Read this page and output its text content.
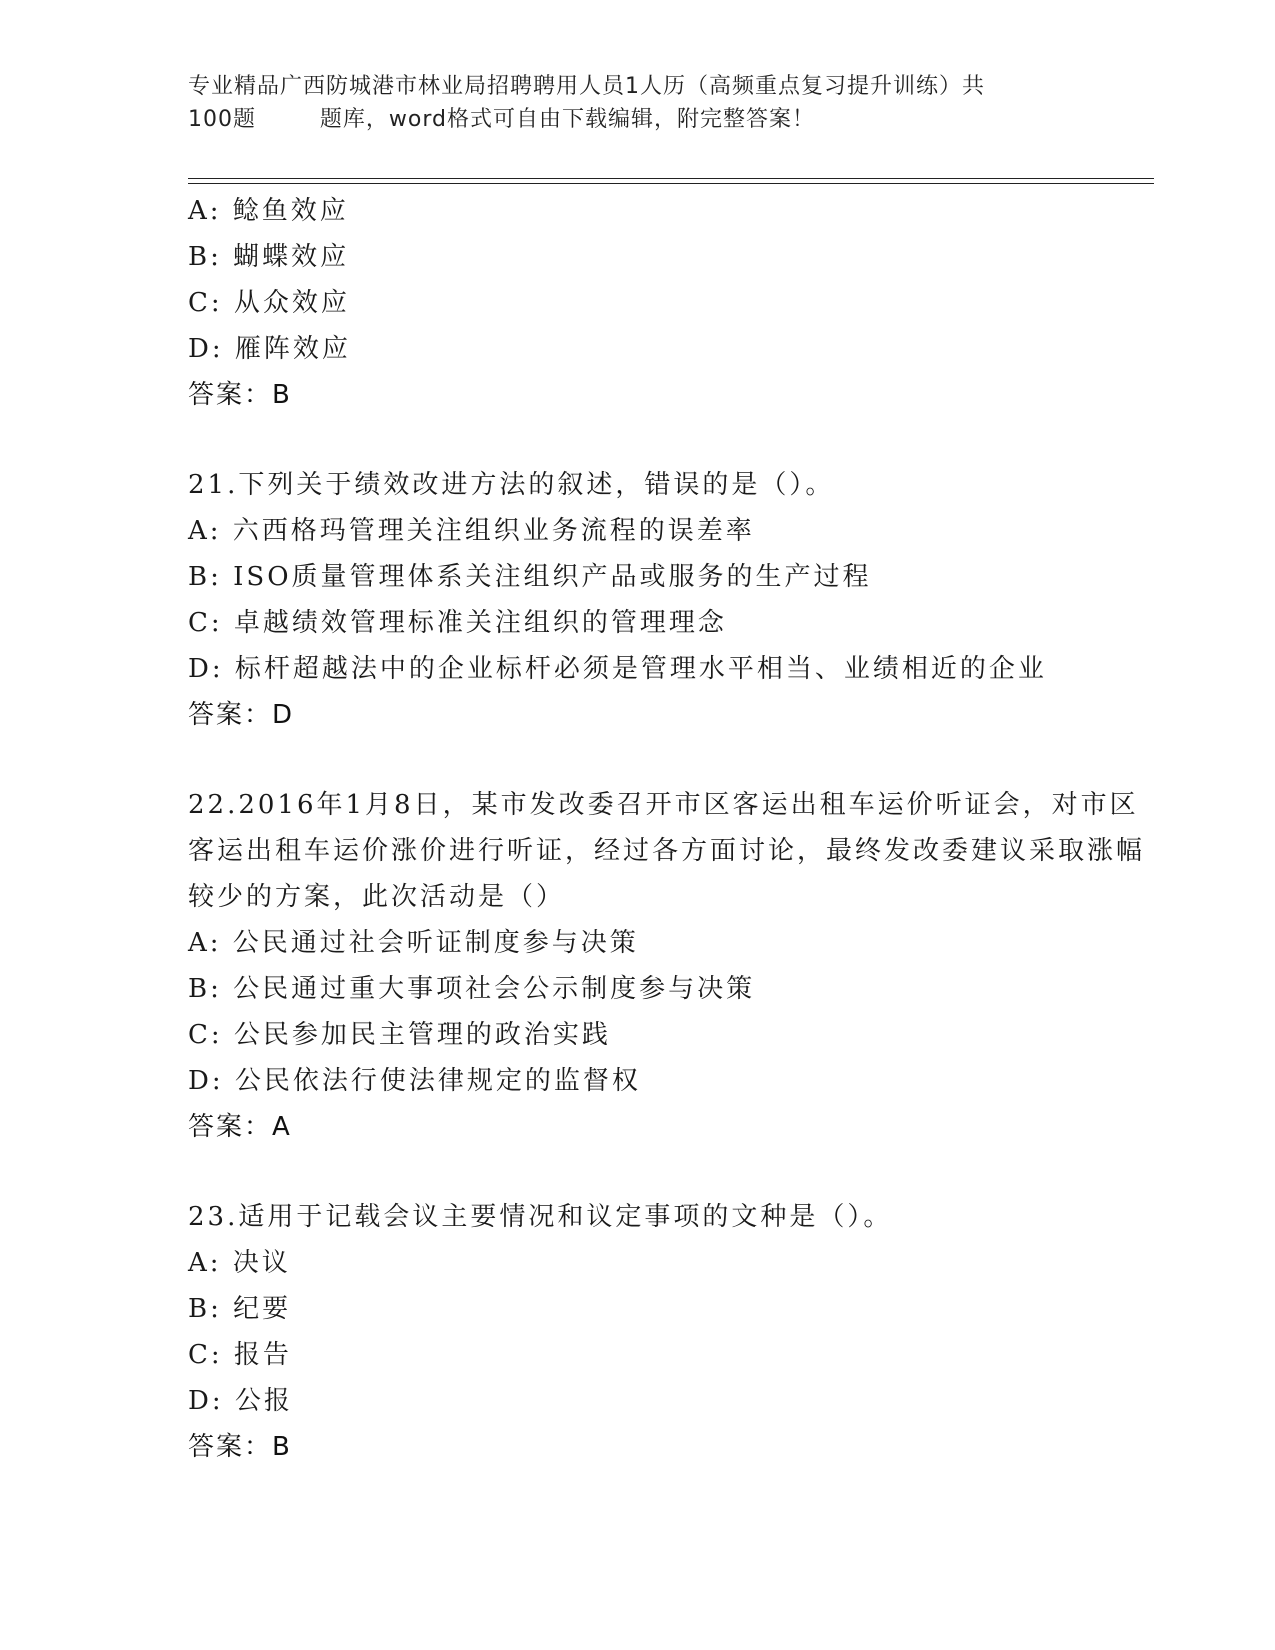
专业精品广西防城港市林业局招聘聘用人员1人历（高频重点复习提升训练）共
100题        题库，word格式可自由下载编辑，附完整答案！
A: 鲶鱼效应
B: 蝴蝶效应
C: 从众效应
D: 雁阵效应
答案：B
21.下列关于绩效改进方法的叙述，错误的是（）。
A: 六西格玛管理关注组织业务流程的误差率
B: ISO质量管理体系关注组织产品或服务的生产过程
C: 卓越绩效管理标准关注组织的管理理念
D: 标杆超越法中的企业标杆必须是管理水平相当、业绩相近的企业
答案：D
22.2016年1月8日，某市发改委召开市区客运出租车运价听证会，对市区客运出租车运价涨价进行听证，经过各方面讨论，最终发改委建议采取涨幅较少的方案，此次活动是（）
A: 公民通过社会听证制度参与决策
B: 公民通过重大事项社会公示制度参与决策
C: 公民参加民主管理的政治实践
D: 公民依法行使法律规定的监督权
答案：A
23.适用于记载会议主要情况和议定事项的文种是（）。
A: 决议
B: 纪要
C: 报告
D: 公报
答案：B
